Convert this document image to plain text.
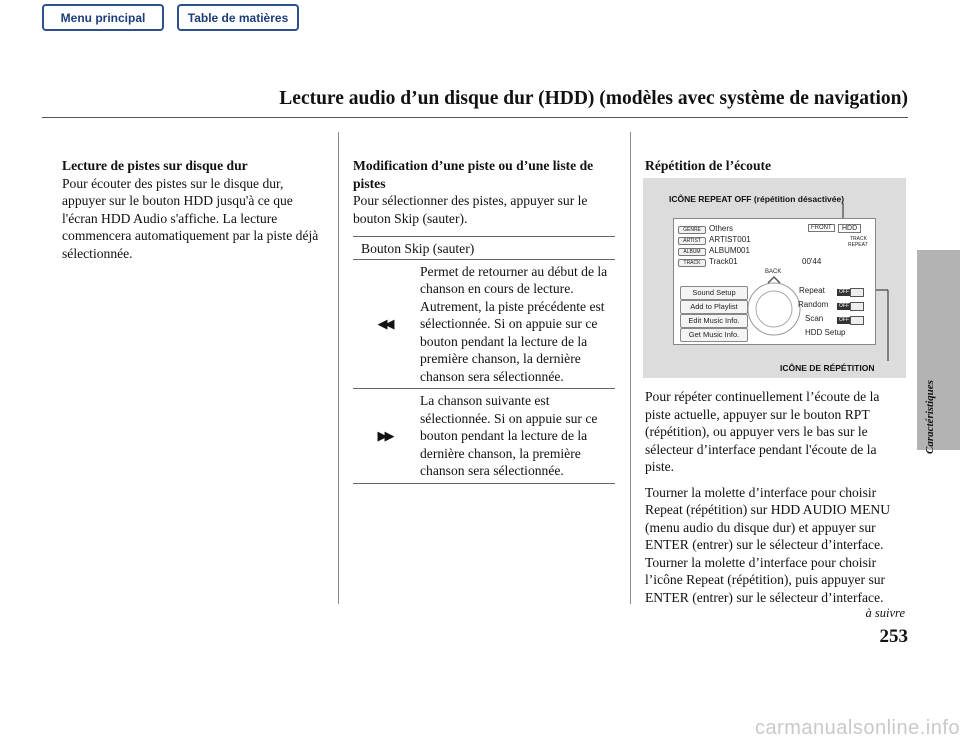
Menu principal	Table de matières
Lecture audio d’un disque dur (HDD) (modèles avec système de navigation)
Caractéristiques

Lecture de pistes sur disque dur

Pour écouter des pistes sur le disque dur, appuyer sur le bouton HDD jusqu'à ce que l'écran HDD Audio s'affiche. La lecture commencera automatiquement par la piste déjà sélectionnée.

Modification d’une piste ou d’une liste de pistes

Pour sélectionner des pistes, appuyer sur le bouton Skip (sauter).

Bouton Skip (sauter)	
◀◀	Permet de retourner au début de la chanson en cours de lecture. Autrement, la piste précédente est sélectionnée. Si on appuie sur ce bouton pendant la lecture de la première chanson, la dernière chanson sera sélectionnée.
▶▶	La chanson suivante est sélectionnée. Si on appuie sur ce bouton pendant la lecture de la dernière chanson, la première chanson sera sélectionnée.

Répétition de l’écoute

ICÔNE REPEAT OFF (répétition désactivée)
ICÔNE DE RÉPÉTITION
GENRE
ARTIST
ALBUM
TRACK
Others
ARTIST001
ALBUM001
Track01	00'44
FRONT	HDD
TRACK
REPEAT
BACK
Sound Setup
Add to Playlist
Edit Music Info.
Get Music Info.
Repeat
Random
Scan
HDD Setup
OFF
OFF
OFF

Pour répéter continuellement l’écoute de la piste actuelle, appuyer sur le bouton RPT (répétition), ou appuyer vers le bas sur le sélecteur d’interface pendant l'écoute de la piste.

Tourner la molette d’interface pour choisir Repeat (répétition) sur HDD AUDIO MENU (menu audio du disque dur) et appuyer sur ENTER (entrer) sur le sélecteur d’interface. Tourner la molette d’interface pour choisir l’icône Repeat (répétition), puis appuyer sur ENTER (entrer) sur le sélecteur d’interface.

à suivre
253
carmanualsonline.info
